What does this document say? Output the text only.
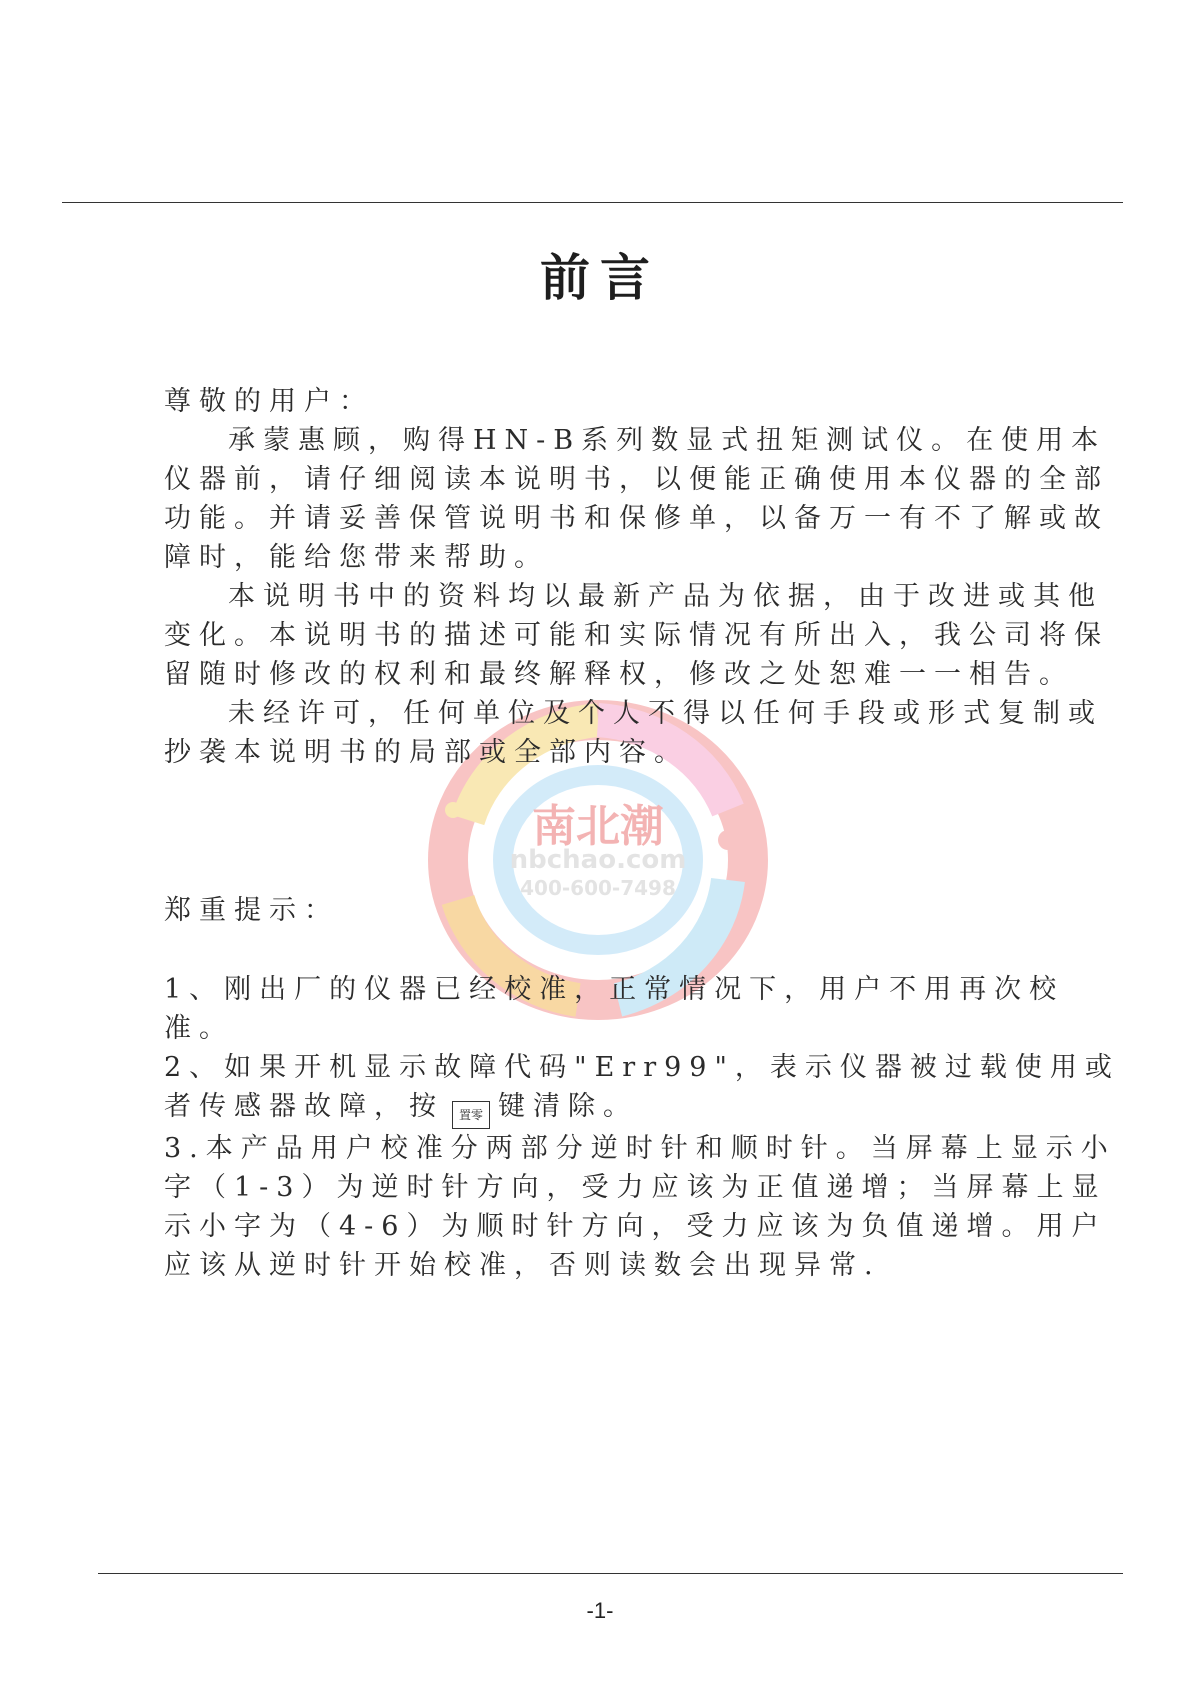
前言
南北潮
nbchao.com
400-600-7498

尊敬的用户：

承蒙惠顾，购得HN-B系列数显式扭矩测试仪。在使用本仪器前，请仔细阅读本说明书，以便能正确使用本仪器的全部功能。并请妥善保管说明书和保修单，以备万一有不了解或故障时，能给您带来帮助。

本说明书中的资料均以最新产品为依据，由于改进或其他变化。本说明书的描述可能和实际情况有所出入，我公司将保留随时修改的权利和最终解释权，修改之处恕难一一相告。

未经许可，任何单位及个人不得以任何手段或形式复制或抄袭本说明书的局部或全部内容。

郑重提示：

1、刚出厂的仪器已经校准，正常情况下，用户不用再次校准。

2、如果开机显示故障代码"Err99"，表示仪器被过载使用或者传感器故障，按 置零 键清除。

3.本产品用户校准分两部分逆时针和顺时针。当屏幕上显示小字（1-3）为逆时针方向，受力应该为正值递增；当屏幕上显示小字为（4-6）为顺时针方向，受力应该为负值递增。用户应该从逆时针开始校准，否则读数会出现异常.

-1-
